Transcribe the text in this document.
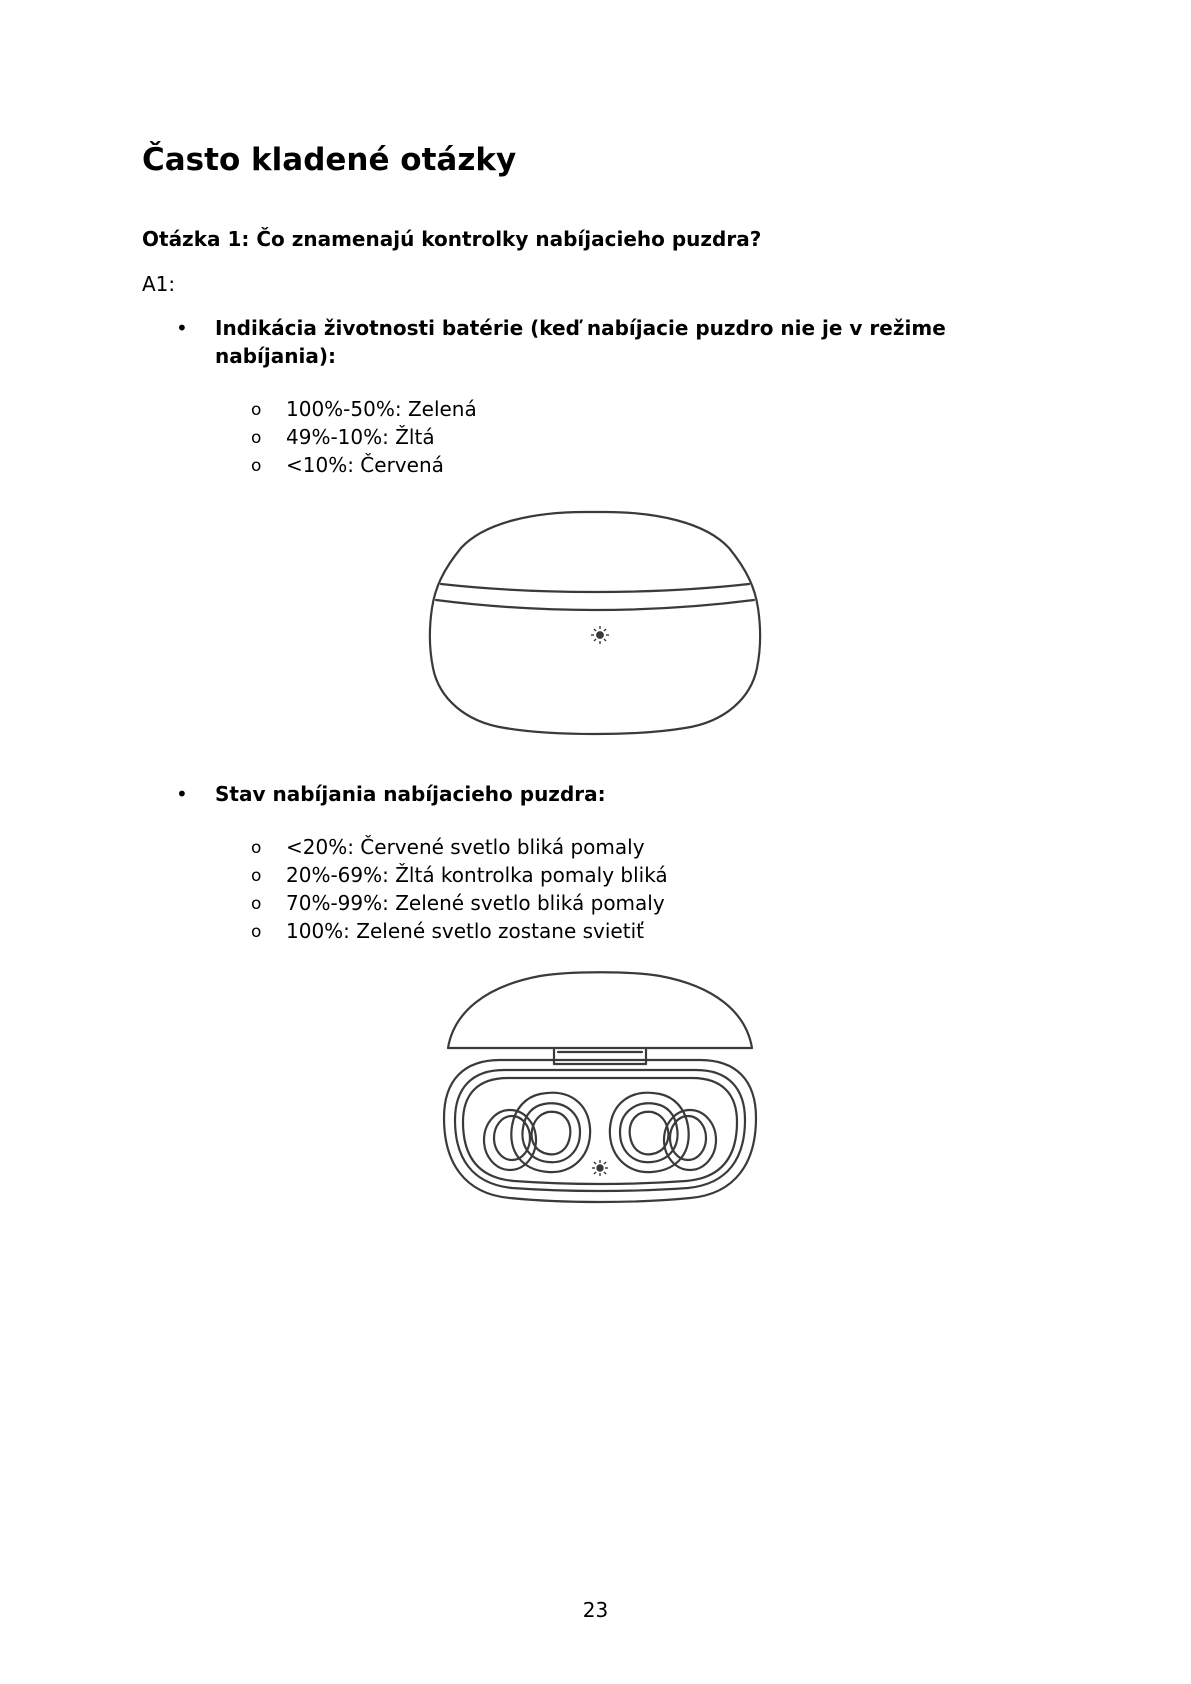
Často kladené otázky
Otázka 1: Čo znamenajú kontrolky nabíjacieho puzdra?

A1:

• Indikácia životnosti batérie (keď nabíjacie puzdro nie je v režime nabíjania):
o 100%-50%: Zelená
o 49%-10%: Žltá
o <10%: Červená
• Stav nabíjania nabíjacieho puzdra:
o <20%: Červené svetlo bliká pomaly
o 20%-69%: Žltá kontrolka pomaly bliká
o 70%-99%: Zelené svetlo bliká pomaly
o 100%: Zelené svetlo zostane svietiť

23
